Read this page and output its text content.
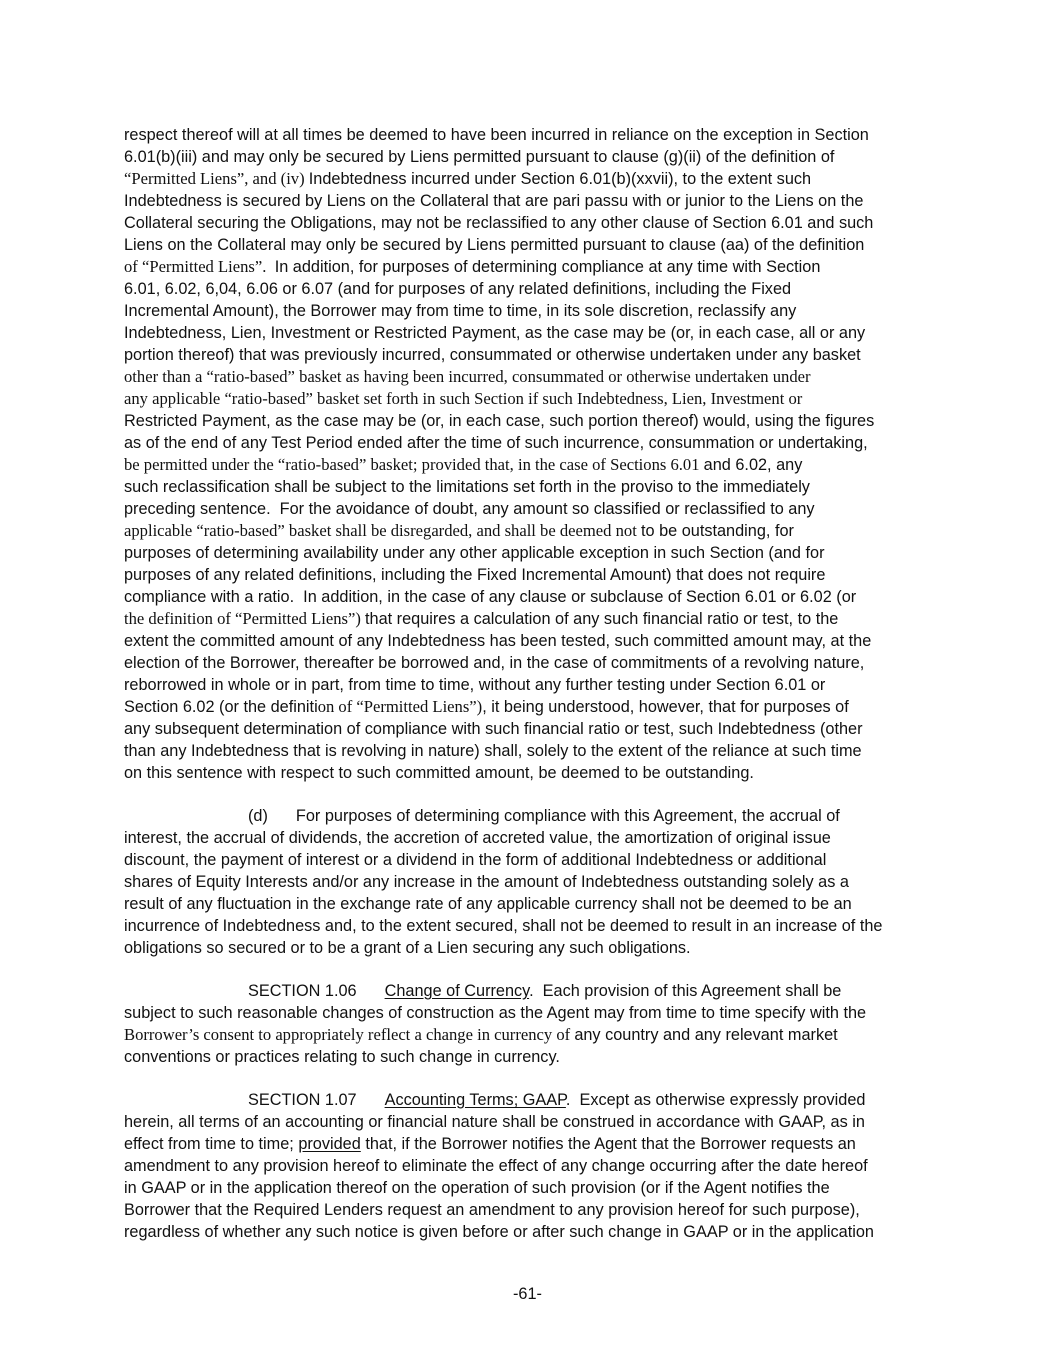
respect thereof will at all times be deemed to have been incurred in reliance on the exception in Section
6.01(b)(iii) and may only be secured by Liens permitted pursuant to clause (g)(ii) of the definition of
“Permitted Liens”, and (iv) Indebtedness incurred under Section 6.01(b)(xxvii), to the extent such
Indebtedness is secured by Liens on the Collateral that are pari passu with or junior to the Liens on the
Collateral securing the Obligations, may not be reclassified to any other clause of Section 6.01 and such
Liens on the Collateral may only be secured by Liens permitted pursuant to clause (aa) of the definition
of “Permitted Liens”.  In addition, for purposes of determining compliance at any time with Section
6.01, 6.02, 6,04, 6.06 or 6.07 (and for purposes of any related definitions, including the Fixed
Incremental Amount), the Borrower may from time to time, in its sole discretion, reclassify any
Indebtedness, Lien, Investment or Restricted Payment, as the case may be (or, in each case, all or any
portion thereof) that was previously incurred, consummated or otherwise undertaken under any basket
other than a “ratio-based” basket as having been incurred, consummated or otherwise undertaken under
any applicable “ratio-based” basket set forth in such Section if such Indebtedness, Lien, Investment or
Restricted Payment, as the case may be (or, in each case, such portion thereof) would, using the figures
as of the end of any Test Period ended after the time of such incurrence, consummation or undertaking,
be permitted under the “ratio-based” basket; provided that, in the case of Sections 6.01 and 6.02, any
such reclassification shall be subject to the limitations set forth in the proviso to the immediately
preceding sentence.  For the avoidance of doubt, any amount so classified or reclassified to any
applicable “ratio-based” basket shall be disregarded, and shall be deemed not to be outstanding, for
purposes of determining availability under any other applicable exception in such Section (and for
purposes of any related definitions, including the Fixed Incremental Amount) that does not require
compliance with a ratio.  In addition, in the case of any clause or subclause of Section 6.01 or 6.02 (or
the definition of “Permitted Liens”) that requires a calculation of any such financial ratio or test, to the
extent the committed amount of any Indebtedness has been tested, such committed amount may, at the
election of the Borrower, thereafter be borrowed and, in the case of commitments of a revolving nature,
reborrowed in whole or in part, from time to time, without any further testing under Section 6.01 or
Section 6.02 (or the definition of “Permitted Liens”), it being understood, however, that for purposes of
any subsequent determination of compliance with such financial ratio or test, such Indebtedness (other
than any Indebtedness that is revolving in nature) shall, solely to the extent of the reliance at such time
on this sentence with respect to such committed amount, be deemed to be outstanding.
(d) For purposes of determining compliance with this Agreement, the accrual of
interest, the accrual of dividends, the accretion of accreted value, the amortization of original issue
discount, the payment of interest or a dividend in the form of additional Indebtedness or additional
shares of Equity Interests and/or any increase in the amount of Indebtedness outstanding solely as a
result of any fluctuation in the exchange rate of any applicable currency shall not be deemed to be an
incurrence of Indebtedness and, to the extent secured, shall not be deemed to result in an increase of the
obligations so secured or to be a grant of a Lien securing any such obligations.
SECTION 1.06 Change of Currency.  Each provision of this Agreement shall be
subject to such reasonable changes of construction as the Agent may from time to time specify with the
Borrower’s consent to appropriately reflect a change in currency of any country and any relevant market
conventions or practices relating to such change in currency.
SECTION 1.07 Accounting Terms; GAAP.  Except as otherwise expressly provided
herein, all terms of an accounting or financial nature shall be construed in accordance with GAAP, as in
effect from time to time; provided that, if the Borrower notifies the Agent that the Borrower requests an
amendment to any provision hereof to eliminate the effect of any change occurring after the date hereof
in GAAP or in the application thereof on the operation of such provision (or if the Agent notifies the
Borrower that the Required Lenders request an amendment to any provision hereof for such purpose),
regardless of whether any such notice is given before or after such change in GAAP or in the application
-61-
